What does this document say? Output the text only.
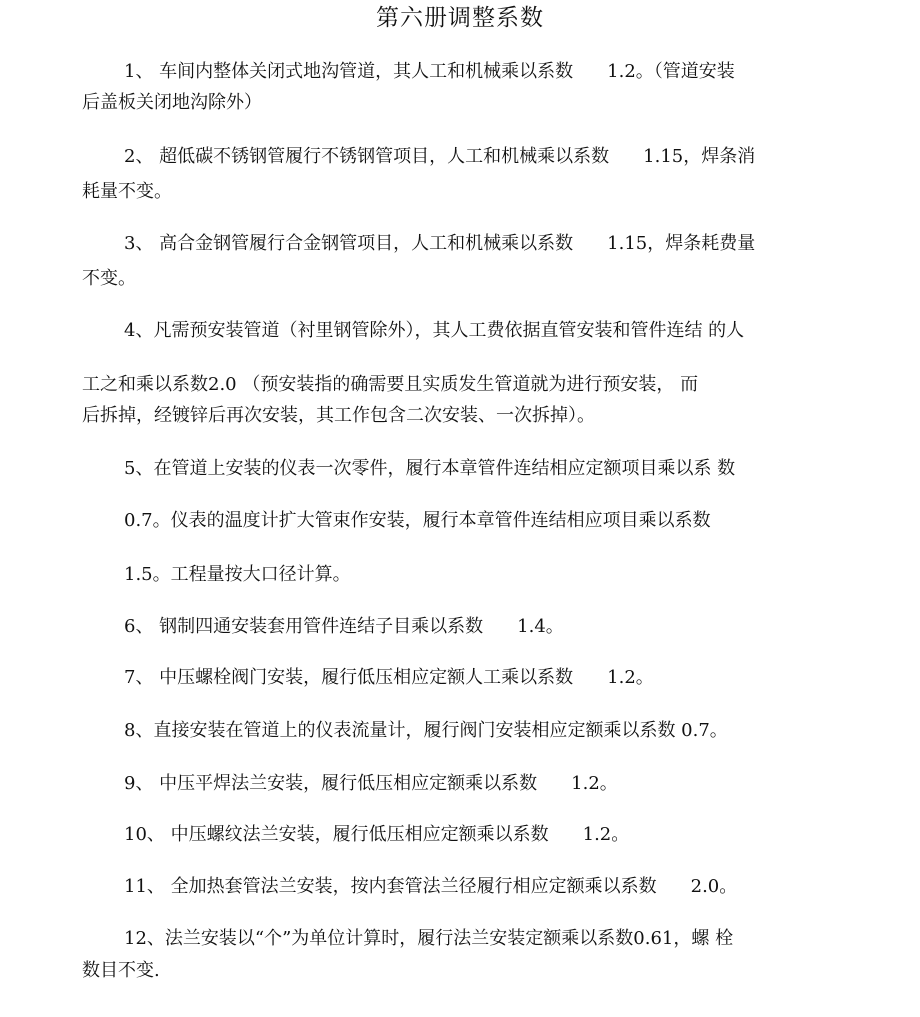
第六册调整系数
1、 车间内整体关闭式地沟管道，其人工和机械乘以系数 1.2。（管道安装
后盖板关闭地沟除外）
2、 超低碳不锈钢管履行不锈钢管项目，人工和机械乘以系数 1.15，焊条消
耗量不变。
3、 高合金钢管履行合金钢管项目，人工和机械乘以系数 1.15，焊条耗费量
不变。
4、凡需预安装管道（衬里钢管除外），其人工费依据直管安装和管件连结 的人
工之和乘以系数2.0 （预安装指的确需要且实质发生管道就为进行预安装， 而
后拆掉，经镀锌后再次安装，其工作包含二次安装、一次拆掉）。
5、在管道上安装的仪表一次零件，履行本章管件连结相应定额项目乘以系 数
0.7。仪表的温度计扩大管束作安装，履行本章管件连结相应项目乘以系数
1.5。工程量按大口径计算。
6、 钢制四通安装套用管件连结子目乘以系数 1.4。
7、 中压螺栓阀门安装，履行低压相应定额人工乘以系数 1.2。
8、直接安装在管道上的仪表流量计，履行阀门安装相应定额乘以系数 0.7。
9、 中压平焊法兰安装，履行低压相应定额乘以系数 1.2。
10、 中压螺纹法兰安装，履行低压相应定额乘以系数 1.2。
11、 全加热套管法兰安装，按内套管法兰径履行相应定额乘以系数 2.0。
12、法兰安装以“个”为单位计算时，履行法兰安装定额乘以系数0.61，螺 栓
数目不变.
